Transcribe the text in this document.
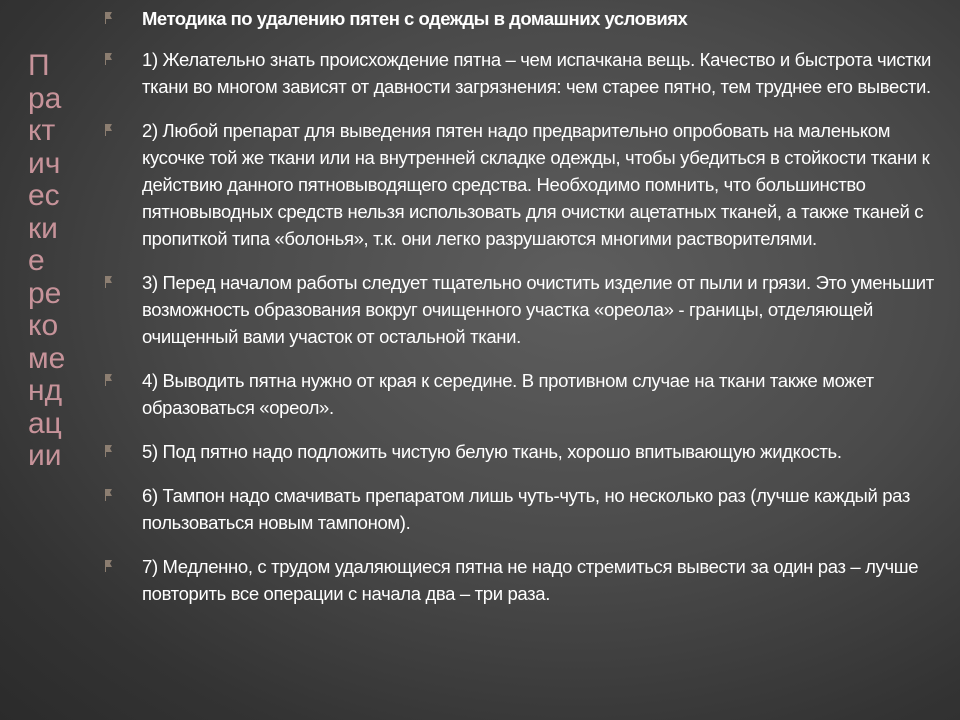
П
ра
кт
ич
ес
ки
е
ре
ко
ме
нд
ац
ии
Методика по удалению пятен с одежды в домашних условиях
1) Желательно знать происхождение пятна – чем испачкана вещь. Качество и быстрота чистки ткани во многом зависят от давности загрязнения: чем старее пятно, тем труднее его вывести.
2) Любой препарат для выведения пятен надо предварительно опробовать на маленьком кусочке той же ткани или на внутренней складке одежды, чтобы убедиться в стойкости ткани к действию данного пятновыводящего средства. Необходимо помнить, что большинство пятновыводных средств нельзя использовать для очистки ацетатных тканей, а также тканей с пропиткой типа «болонья», т.к. они легко разрушаются многими растворителями.
3) Перед началом работы следует тщательно очистить изделие от пыли и грязи. Это уменьшит возможность образования вокруг очищенного участка «ореола» - границы, отделяющей очищенный вами участок от остальной ткани.
4) Выводить пятна нужно от края к середине. В противном случае на ткани также может образоваться «ореол».
5) Под пятно надо подложить чистую белую ткань, хорошо впитывающую жидкость.
6) Тампон надо смачивать препаратом лишь чуть-чуть, но несколько раз (лучше каждый раз пользоваться новым тампоном).
7) Медленно, с трудом удаляющиеся пятна не надо стремиться вывести за один раз – лучше повторить все операции с начала два – три раза.
